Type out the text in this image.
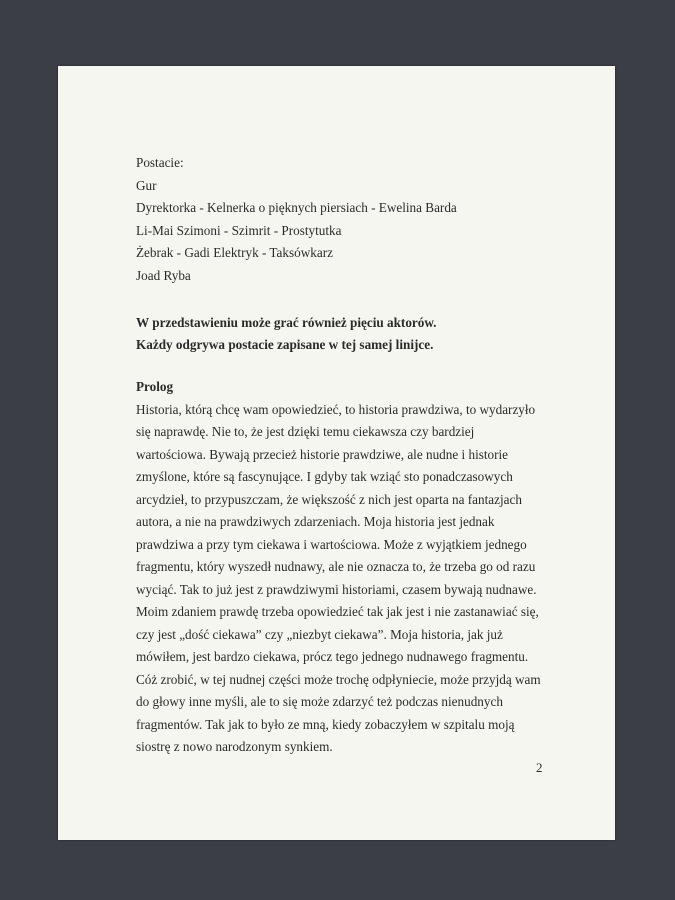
Postacie:
Gur
Dyrektorka - Kelnerka o pięknych piersiach - Ewelina Barda
Li-Mai Szimoni - Szimrit - Prostytutka
Żebrak - Gadi Elektryk - Taksówkarz
Joad Ryba
W przedstawieniu może grać również pięciu aktorów. Każdy odgrywa postacie zapisane w tej samej linijce.
Prolog
Historia, którą chcę wam opowiedzieć, to historia prawdziwa, to wydarzyło się naprawdę. Nie to, że jest dzięki temu ciekawsza czy bardziej wartościowa. Bywają przecież historie prawdziwe, ale nudne i historie zmyślone, które są fascynujące. I gdyby tak wziąć sto ponadczasowych arcydzieł, to przypuszczam, że większość z nich jest oparta na fantazjach autora, a nie na prawdziwych zdarzeniach. Moja historia jest jednak prawdziwa a przy tym ciekawa i wartościowa. Może z wyjątkiem jednego fragmentu, który wyszedł nudnawy, ale nie oznacza to, że trzeba go od razu wyciąć. Tak to już jest z prawdziwymi historiami, czasem bywają nudnawe. Moim zdaniem prawdę trzeba opowiedzieć tak jak jest i nie zastanawiać się, czy jest „dość ciekawa” czy „niezbyt ciekawa”. Moja historia, jak już mówiłem, jest bardzo ciekawa, prócz tego jednego nudnawego fragmentu. Cóż zrobić, w tej nudnej części może trochę odpłyniecie, może przyjdą wam do głowy inne myśli, ale to się może zdarzyć też podczas nienudnych fragmentów. Tak jak to było ze mną, kiedy zobaczyłem w szpitalu moją siostrę z nowo narodzonym synkiem.
2
